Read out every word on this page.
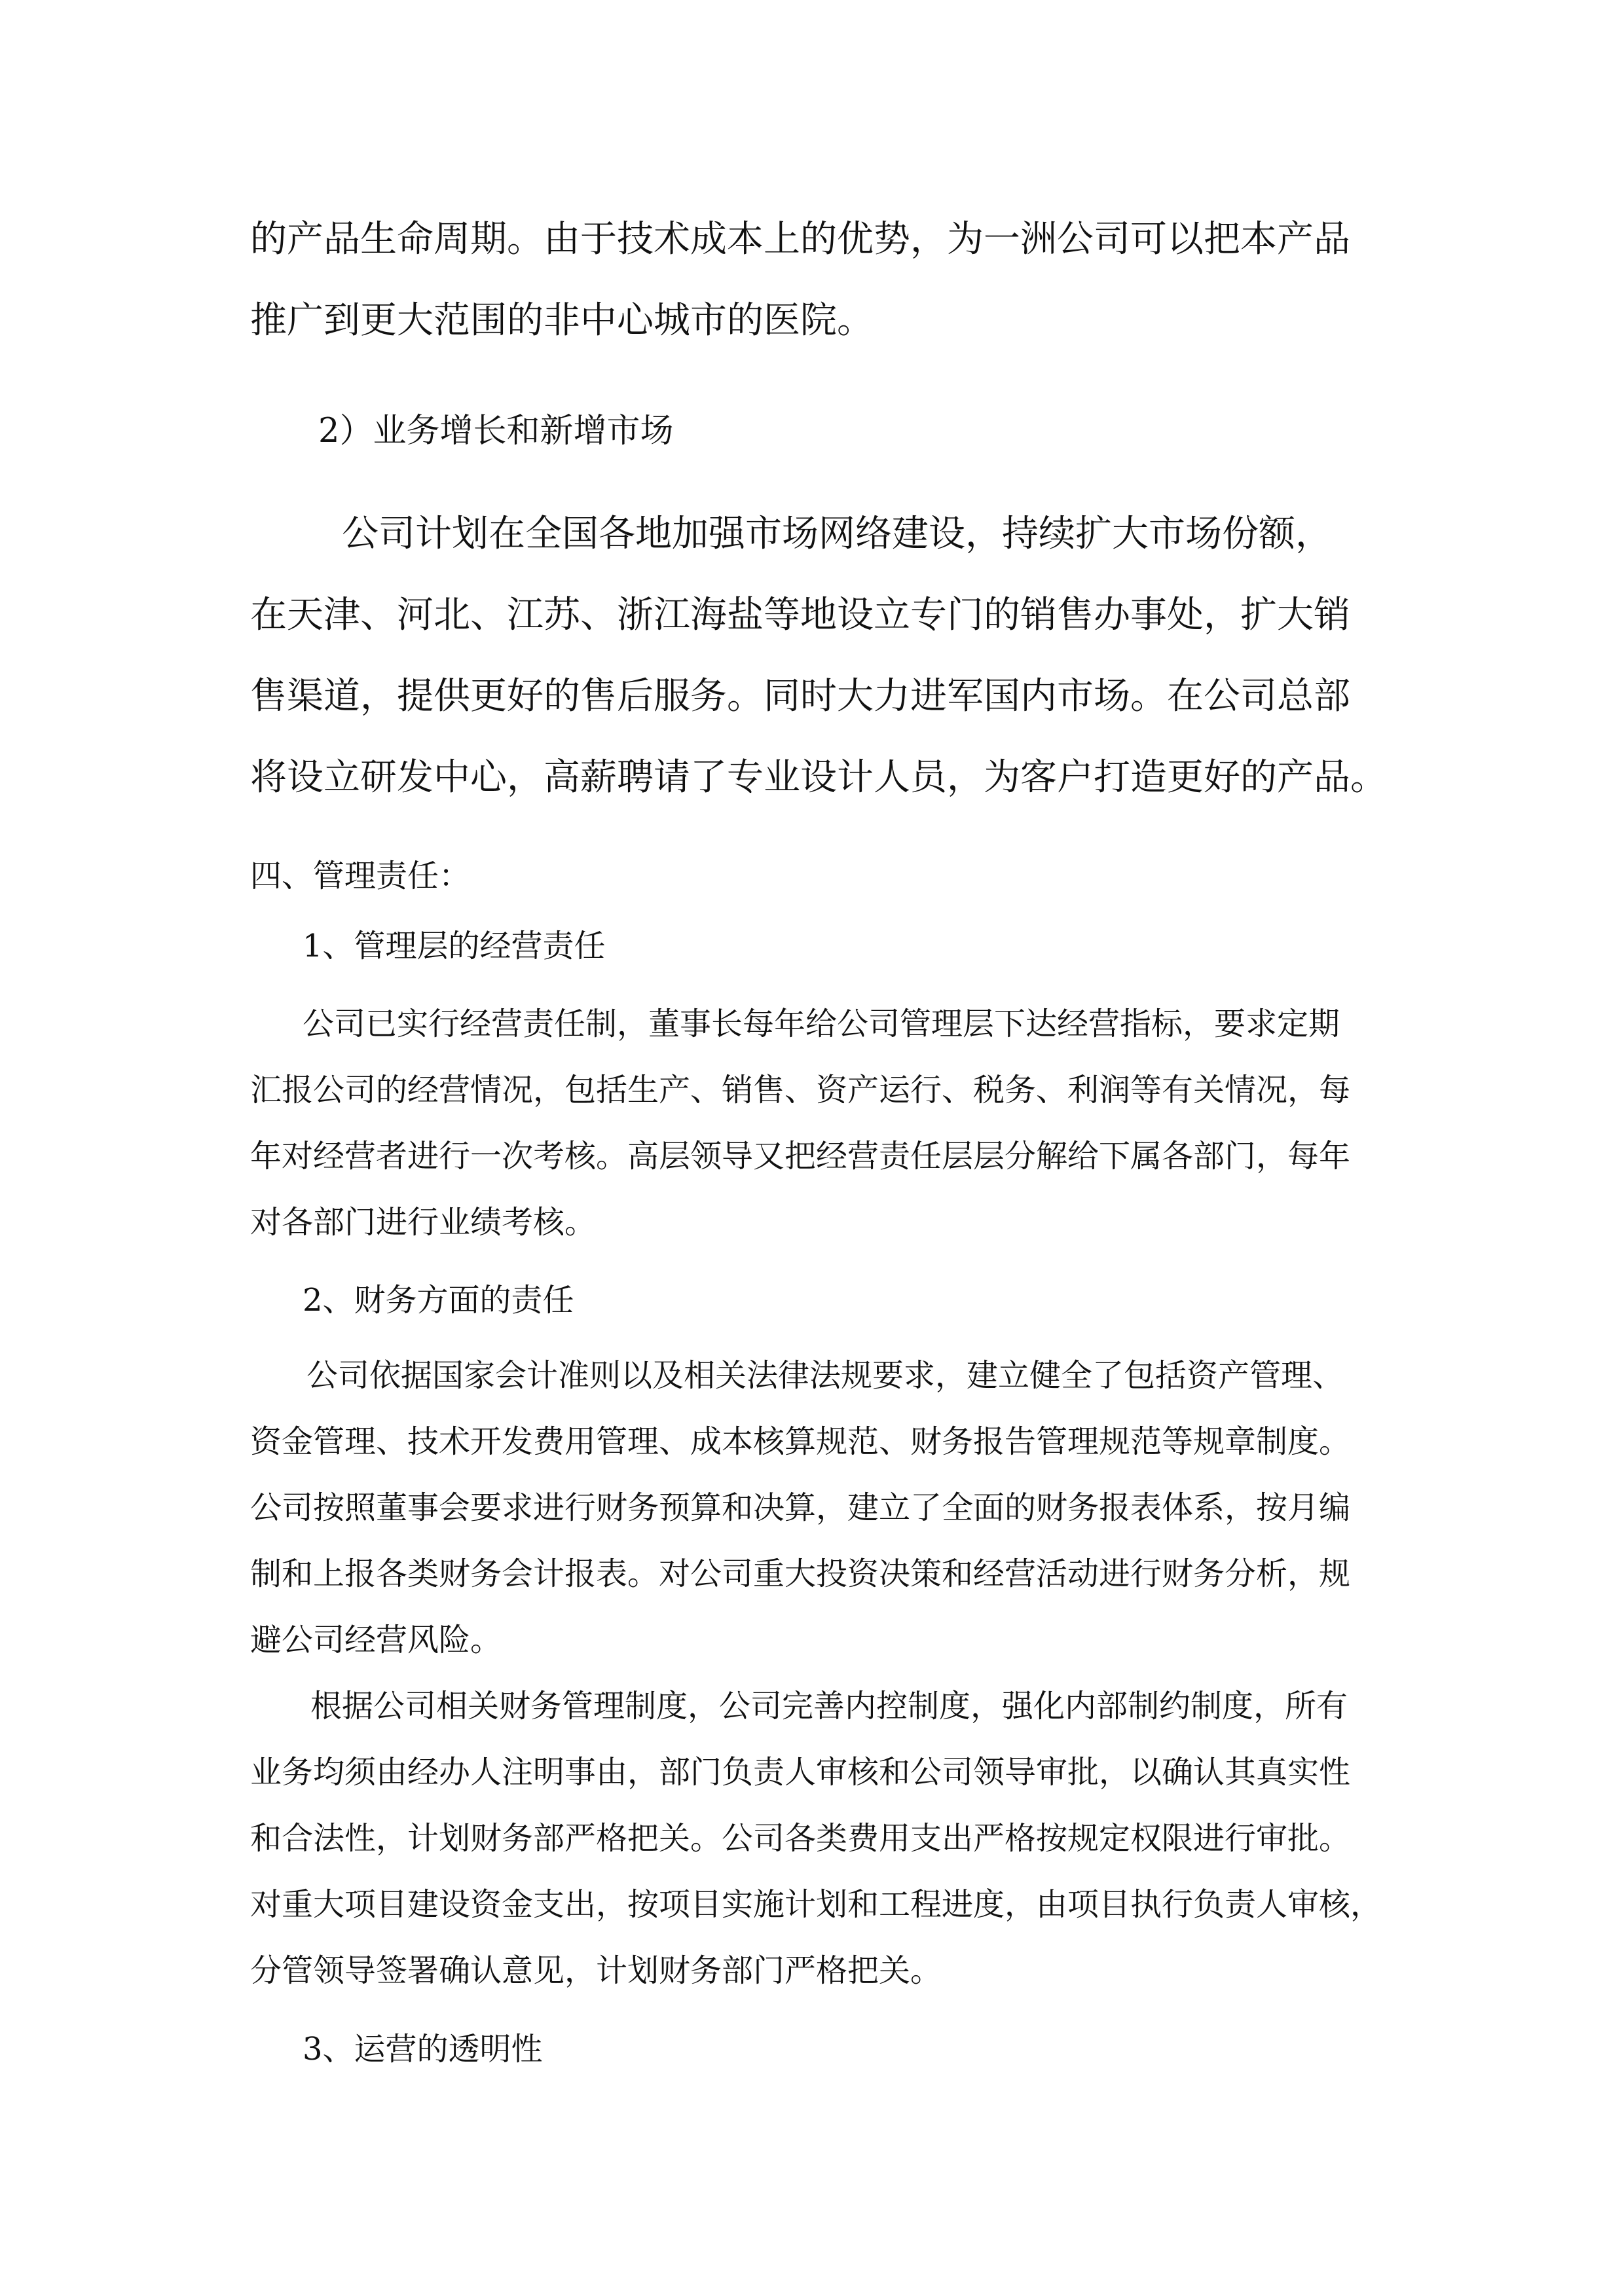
的产品生命周期。由于技术成本上的优势，为一洲公司可以把本产品
推广到更大范围的非中心城市的医院。
2）业务增长和新增市场
公司计划在全国各地加强市场网络建设，持续扩大市场份额，
在天津、河北、江苏、浙江海盐等地设立专门的销售办事处，扩大销
售渠道，提供更好的售后服务。同时大力进军国内市场。在公司总部
将设立研发中心，高薪聘请了专业设计人员，为客户打造更好的产品。
四、管理责任：
1、管理层的经营责任
公司已实行经营责任制，董事长每年给公司管理层下达经营指标，要求定期
汇报公司的经营情况，包括生产、销售、资产运行、税务、利润等有关情况，每
年对经营者进行一次考核。高层领导又把经营责任层层分解给下属各部门，每年
对各部门进行业绩考核。
2、财务方面的责任
公司依据国家会计准则以及相关法律法规要求，建立健全了包括资产管理、
资金管理、技术开发费用管理、成本核算规范、财务报告管理规范等规章制度。
公司按照董事会要求进行财务预算和决算，建立了全面的财务报表体系，按月编
制和上报各类财务会计报表。对公司重大投资决策和经营活动进行财务分析，规
避公司经营风险。
根据公司相关财务管理制度，公司完善内控制度，强化内部制约制度，所有
业务均须由经办人注明事由，部门负责人审核和公司领导审批，以确认其真实性
和合法性，计划财务部严格把关。公司各类费用支出严格按规定权限进行审批。
对重大项目建设资金支出，按项目实施计划和工程进度，由项目执行负责人审核，
分管领导签署确认意见，计划财务部门严格把关。
3、运营的透明性
